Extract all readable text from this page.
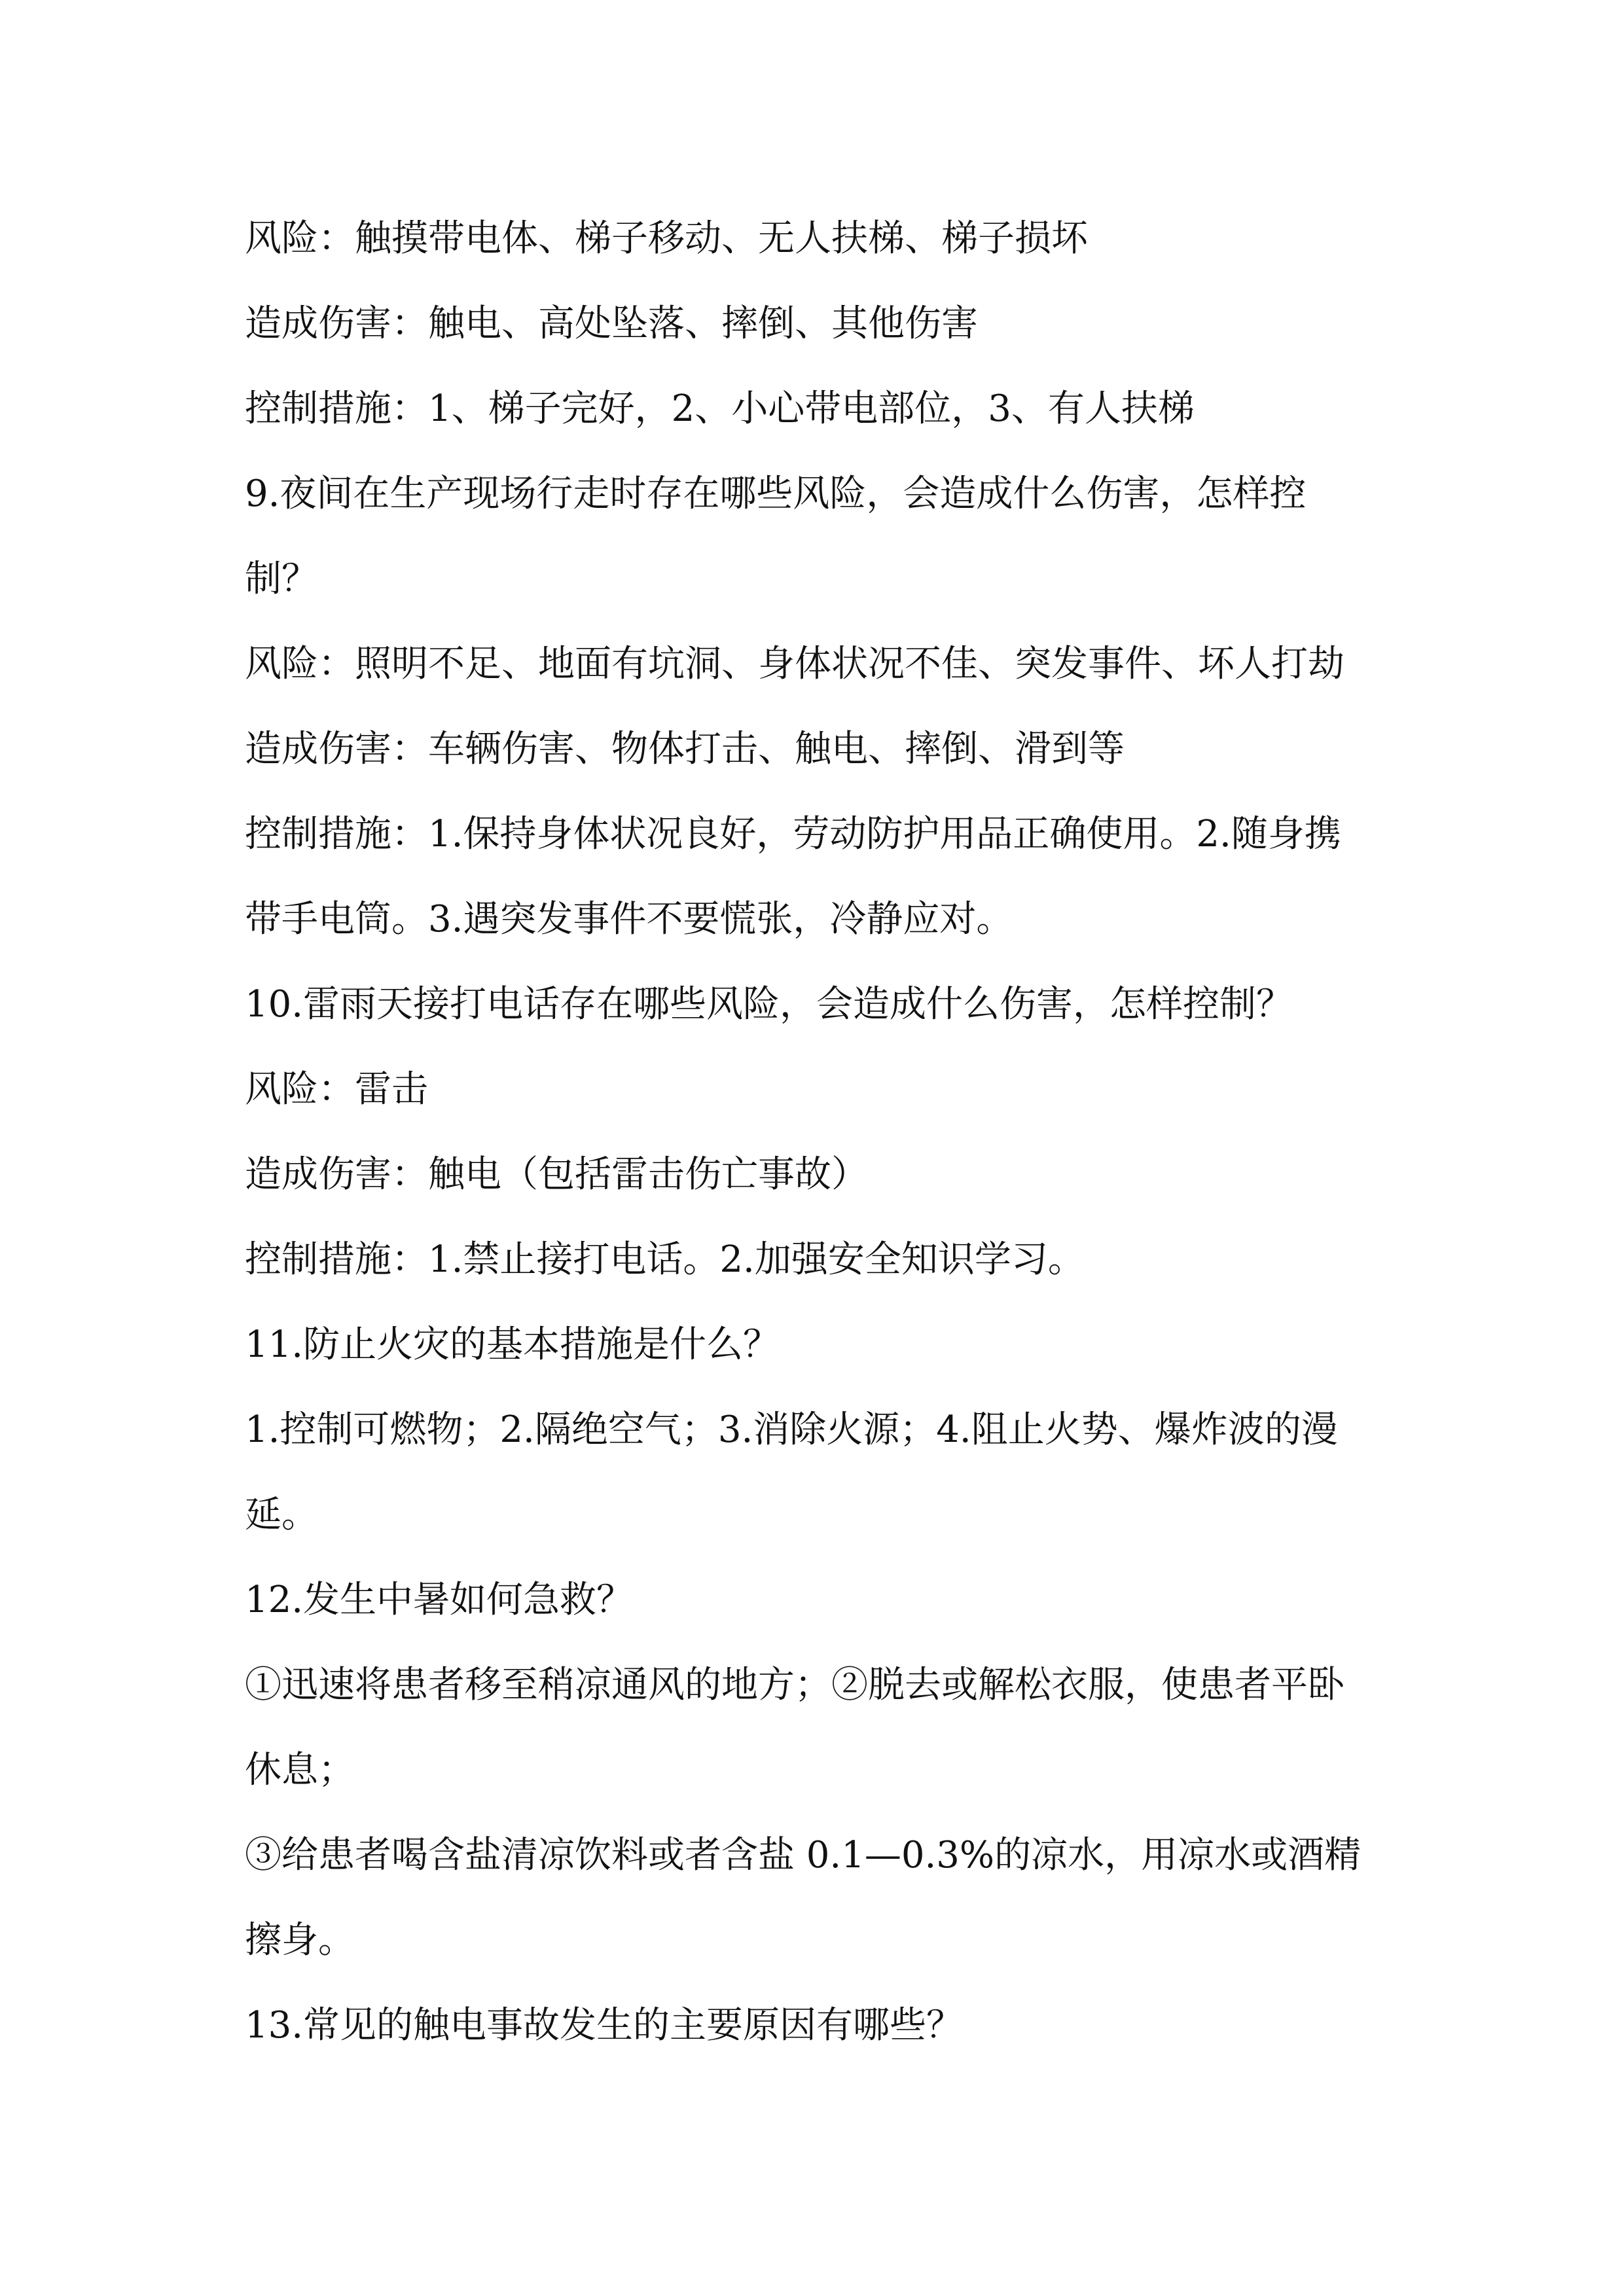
风险：触摸带电体、梯子移动、无人扶梯、梯子损坏
造成伤害：触电、高处坠落、摔倒、其他伤害
控制措施：1、梯子完好，2、小心带电部位，3、有人扶梯
9.夜间在生产现场行走时存在哪些风险，会造成什么伤害，怎样控
制？
风险：照明不足、地面有坑洞、身体状况不佳、突发事件、坏人打劫
造成伤害：车辆伤害、物体打击、触电、摔倒、滑到等
控制措施：1.保持身体状况良好，劳动防护用品正确使用。2.随身携
带手电筒。3.遇突发事件不要慌张，冷静应对。
10.雷雨天接打电话存在哪些风险，会造成什么伤害，怎样控制？
风险：雷击
造成伤害：触电（包括雷击伤亡事故）
控制措施：1.禁止接打电话。2.加强安全知识学习。
11.防止火灾的基本措施是什么？
1.控制可燃物；2.隔绝空气；3.消除火源；4.阻止火势、爆炸波的漫
延。
12.发生中暑如何急救？
①迅速将患者移至稍凉通风的地方；②脱去或解松衣服，使患者平卧
休息；
③给患者喝含盐清凉饮料或者含盐 0.1—0.3%的凉水，用凉水或酒精
擦身。
13.常见的触电事故发生的主要原因有哪些？
